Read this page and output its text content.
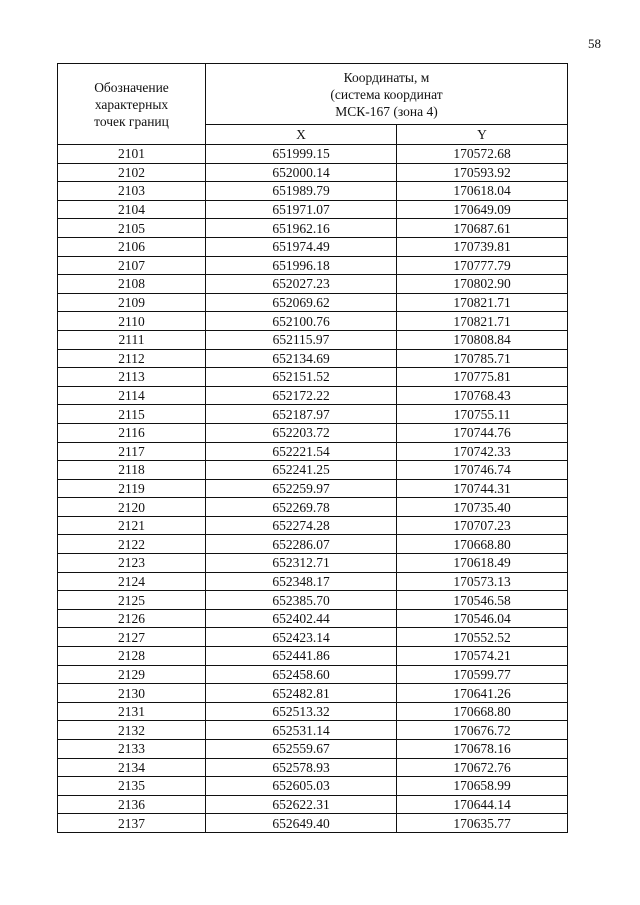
58
Обозначение
характерных
точек границ	Координаты, м
(система координат
МСК-167 (зона 4)	

	X	Y
2101	651999.15	170572.68
2102	652000.14	170593.92
2103	651989.79	170618.04
2104	651971.07	170649.09
2105	651962.16	170687.61
2106	651974.49	170739.81
2107	651996.18	170777.79
2108	652027.23	170802.90
2109	652069.62	170821.71
2110	652100.76	170821.71
2111	652115.97	170808.84
2112	652134.69	170785.71
2113	652151.52	170775.81
2114	652172.22	170768.43
2115	652187.97	170755.11
2116	652203.72	170744.76
2117	652221.54	170742.33
2118	652241.25	170746.74
2119	652259.97	170744.31
2120	652269.78	170735.40
2121	652274.28	170707.23
2122	652286.07	170668.80
2123	652312.71	170618.49
2124	652348.17	170573.13
2125	652385.70	170546.58
2126	652402.44	170546.04
2127	652423.14	170552.52
2128	652441.86	170574.21
2129	652458.60	170599.77
2130	652482.81	170641.26
2131	652513.32	170668.80
2132	652531.14	170676.72
2133	652559.67	170678.16
2134	652578.93	170672.76
2135	652605.03	170658.99
2136	652622.31	170644.14
2137	652649.40	170635.77
